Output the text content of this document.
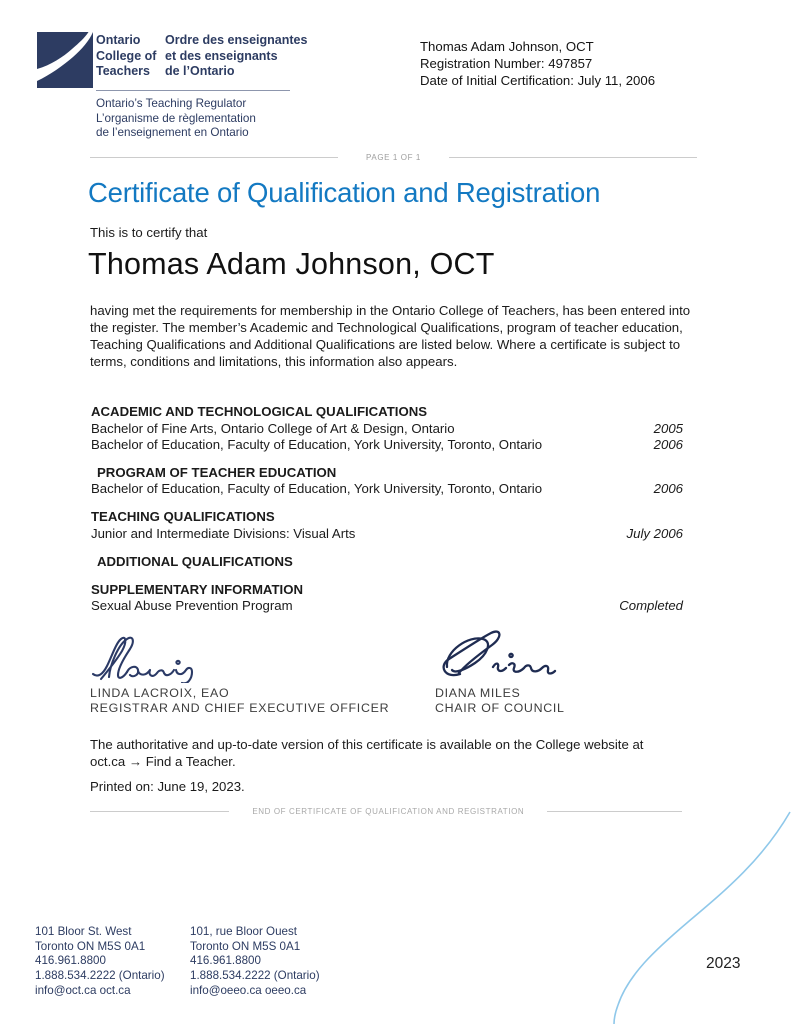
Ontario
College of
Teachers
Ordre des enseignantes
et des enseignants
de l’Ontario
Ontario’s Teaching Regulator
L’organisme de règlementation
de l’enseignement en Ontario
Thomas Adam Johnson, OCT
Registration Number: 497857
Date of Initial Certification: July 11, 2006
PAGE 1 OF 1
Certificate of Qualification and Registration
This is to certify that
Thomas Adam Johnson, OCT
having met the requirements for membership in the Ontario College of Teachers, has been entered into the register. The member’s Academic and Technological Qualifications, program of teacher education, Teaching Qualifications and Additional Qualifications are listed below. Where a certificate is subject to terms, conditions and limitations, this information also appears.
ACADEMIC AND TECHNOLOGICAL QUALIFICATIONS
Bachelor of Fine Arts, Ontario College of Art & Design, Ontario	2005
Bachelor of Education, Faculty of Education, York University, Toronto, Ontario	2006
PROGRAM OF TEACHER EDUCATION
Bachelor of Education, Faculty of Education, York University, Toronto, Ontario	2006
TEACHING QUALIFICATIONS
Junior and Intermediate Divisions: Visual Arts	July 2006
ADDITIONAL QUALIFICATIONS
SUPPLEMENTARY INFORMATION
Sexual Abuse Prevention Program	Completed
LINDA LACROIX, EAO
REGISTRAR AND CHIEF EXECUTIVE OFFICER
DIANA MILES
CHAIR OF COUNCIL
The authoritative and up-to-date version of this certificate is available on the College website at
oct.ca → Find a Teacher.
Printed on: June 19, 2023.
END OF CERTIFICATE OF QUALIFICATION AND REGISTRATION
101 Bloor St. West
Toronto ON M5S 0A1
416.961.8800
1.888.534.2222 (Ontario)
info@oct.ca oct.ca
101, rue Bloor Ouest
Toronto ON M5S 0A1
416.961.8800
1.888.534.2222 (Ontario)
info@oeeo.ca oeeo.ca
2023
